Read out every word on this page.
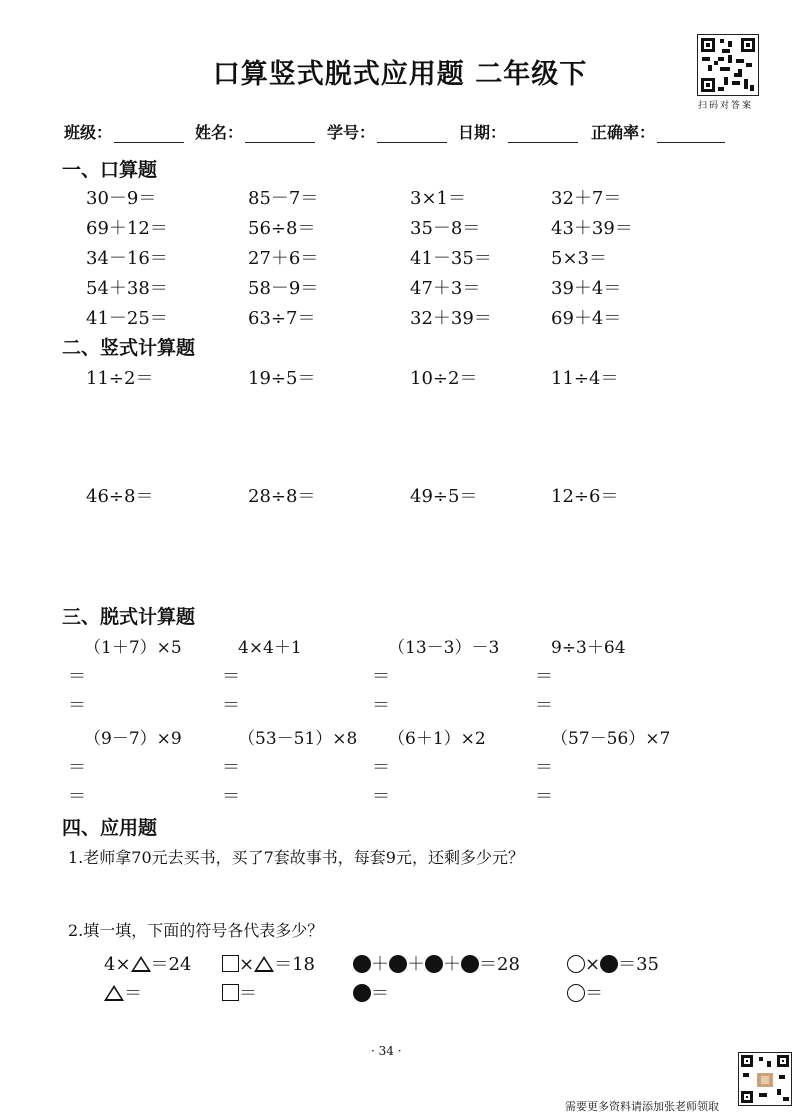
口算竖式脱式应用题 二年级下
扫码对答案
班级：	姓名：	学号：	日期：	正确率：
一、口算题
30－9＝	85－7＝	3×1＝	32＋7＝
69＋12＝	56÷8＝	35－8＝	43＋39＝
34－16＝	27＋6＝	41－35＝	5×3＝
54＋38＝	58－9＝	47＋3＝	39＋4＝
41－25＝	63÷7＝	32＋39＝	69＋4＝
二、竖式计算题
11÷2＝	19÷5＝	10÷2＝	11÷4＝
46÷8＝	28÷8＝	49÷5＝	12÷6＝
三、脱式计算题
（1＋7）×5	4×4＋1	（13－3）－3	9÷3＋64
＝	＝	＝	＝
＝	＝	＝	＝
（9－7）×9	（53－51）×8 （6＋1）×2	（57－56）×7
＝	＝	＝	＝
＝	＝	＝	＝
四、应用题
1.老师拿70元去买书，买了7套故事书，每套9元，还剩多少元？
2.填一填，下面的符号各代表多少？
4× ＝24	× ＝18	＋ ＋ ＋ ＝28	× ＝35
＝	＝	＝	＝
· 34 ·
需要更多资料请添加张老师领取
